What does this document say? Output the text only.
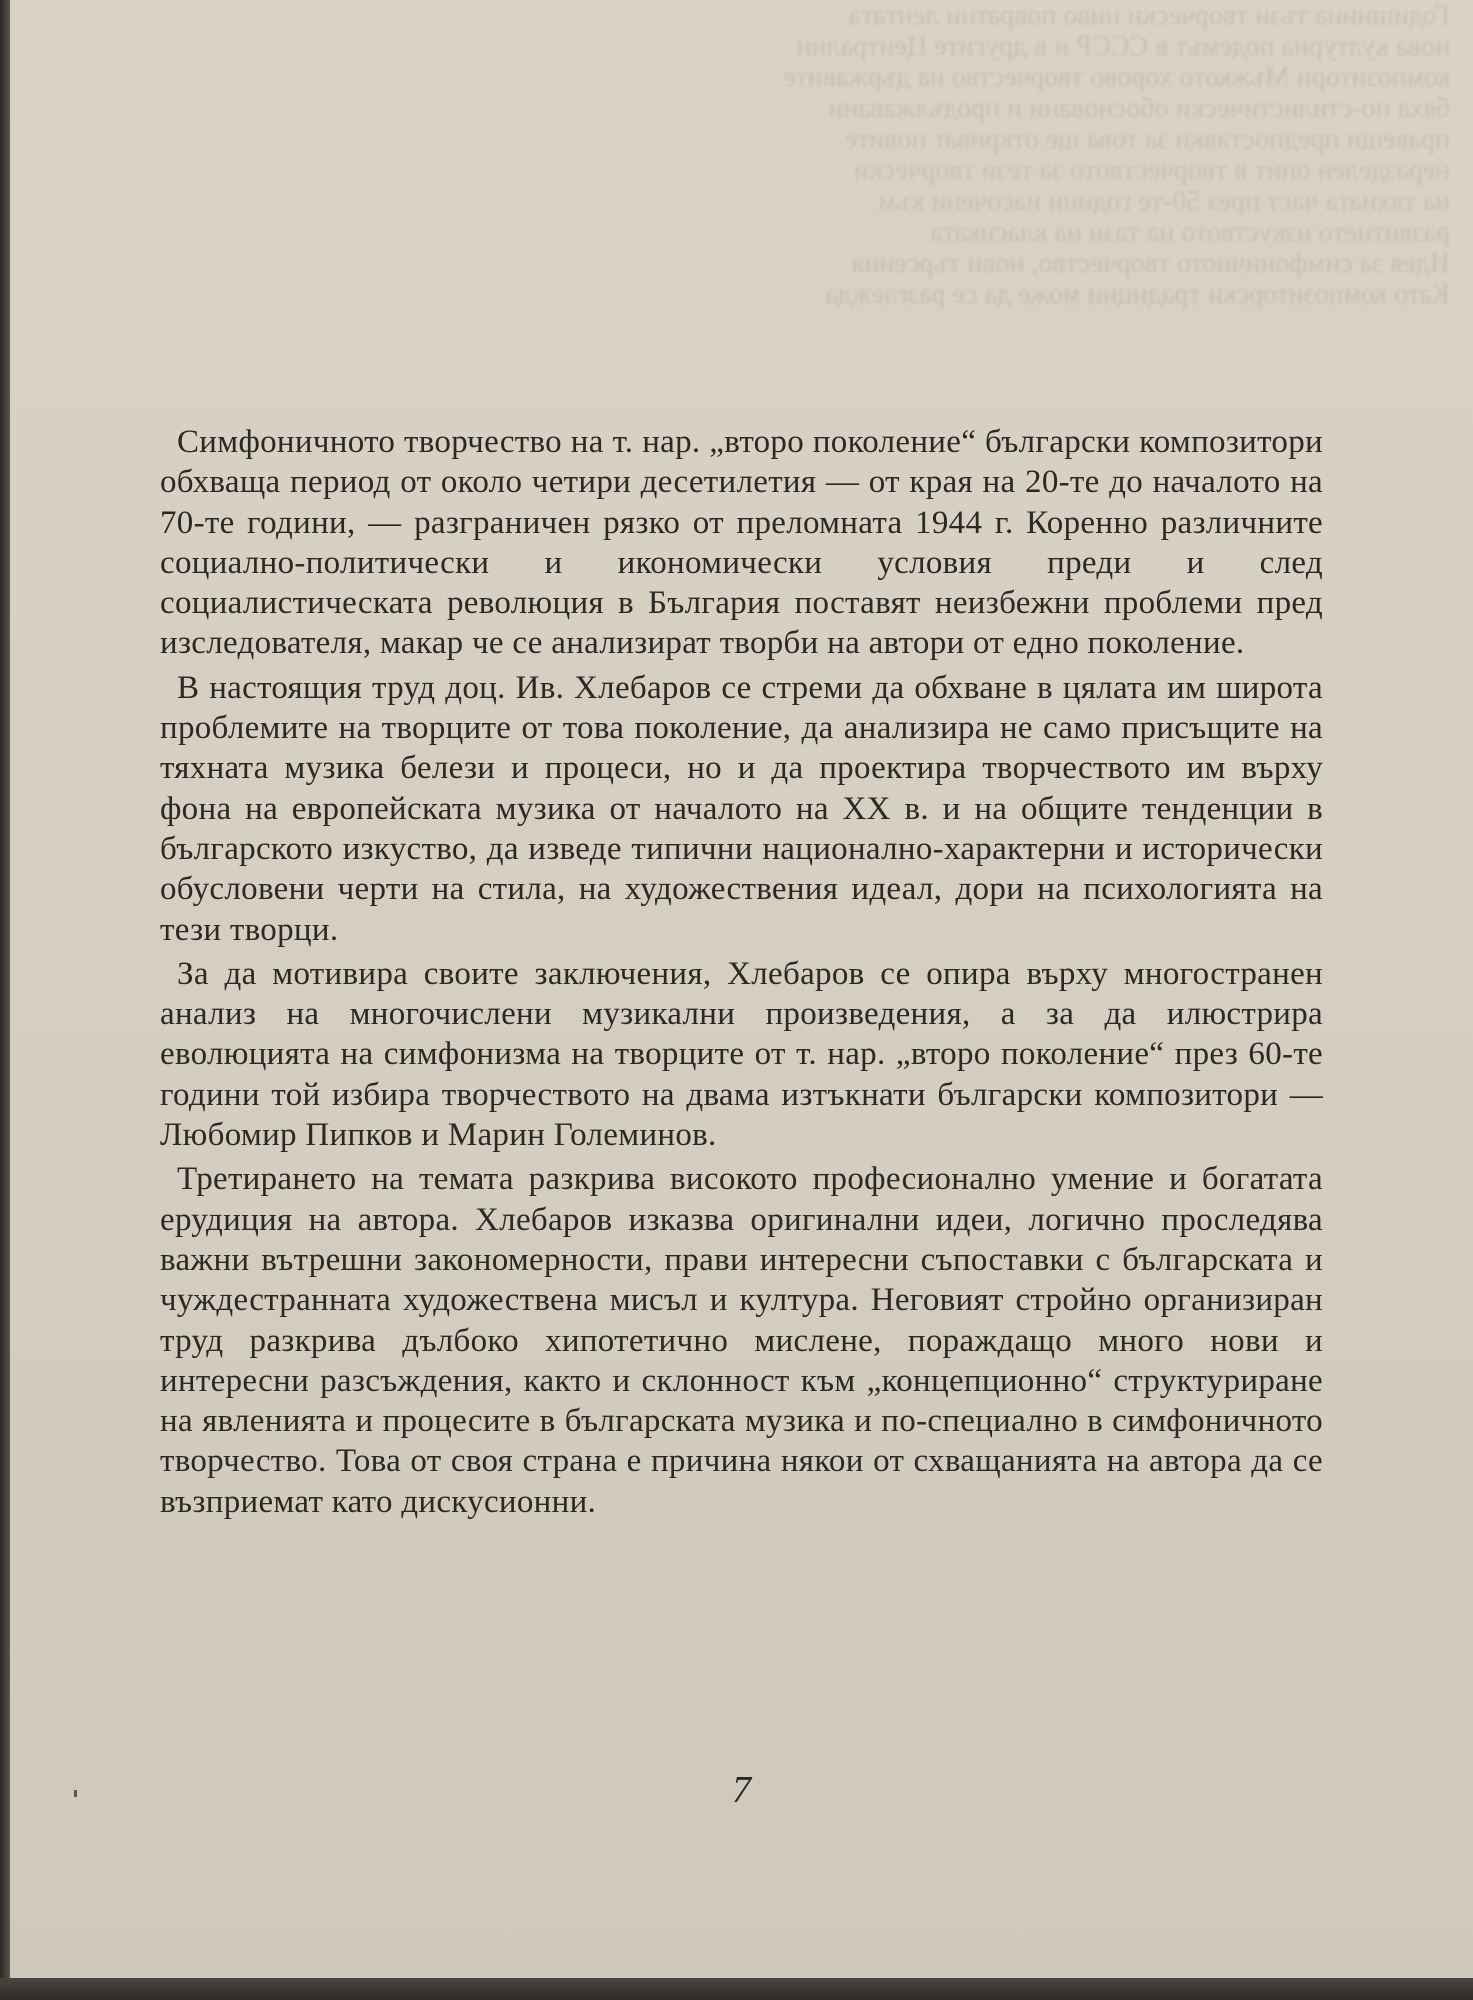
Годишнина тъзи творчески ниво повратни лентата
нова културна подемът в СССР и в другите Централни
композитори Мъжкото хорово творчество на държавите
бяха по-стилистически обосновани и продължавани
правещи предпоставки за това ще откриват новите
неразделен опит в творчеството за тези творчески
на тяхната част през 50-те години насочени към
развитието изкуството на тази на класиката
Идея за симфоничното творчество, нови търсения
Като композиторски традиции може да се разглежда

Симфоничното творчество на т. нар. „второ поколение“ български композитори обхваща период от около четири десетилетия — от края на 20-те до началото на 70-те години, — разграничен рязко от преломната 1944 г. Коренно различните социално-политически и икономически условия преди и след социалистическата революция в България поставят неизбежни проблеми пред изследователя, макар че се анализират творби на автори от едно поколение.

В настоящия труд доц. Ив. Хлебаров се стреми да обхване в цялата им широта проблемите на творците от това поколение, да анализира не само присъщите на тяхната музика белези и процеси, но и да проектира творчеството им върху фона на европейската музика от началото на XX в. и на общите тенденции в българското изкуство, да изведе типични национално-характерни и исторически обусловени черти на стила, на художествения идеал, дори на психологията на тези творци.

За да мотивира своите заключения, Хлебаров се опира върху многостранен анализ на многочислени музикални произведения, а за да илюстрира еволюцията на симфонизма на творците от т. нар. „второ поколение“ през 60-те години той избира творчеството на двама изтъкнати български композитори — Любомир Пипков и Марин Големинов.

Третирането на темата разкрива високото професионално умение и богатата ерудиция на автора. Хлебаров изказва оригинални идеи, логично проследява важни вътрешни закономерности, прави интересни съпоставки с българската и чуждестранната художествена мисъл и култура. Неговият стройно организиран труд разкрива дълбоко хипотетично мислене, пораждащо много нови и интересни разсъждения, както и склонност към „концепционно“ структуриране на явленията и процесите в българската музика и по-специално в симфоничното творчество. Това от своя страна е причина някои от схващанията на автора да се възприемат като дискусионни.

7
